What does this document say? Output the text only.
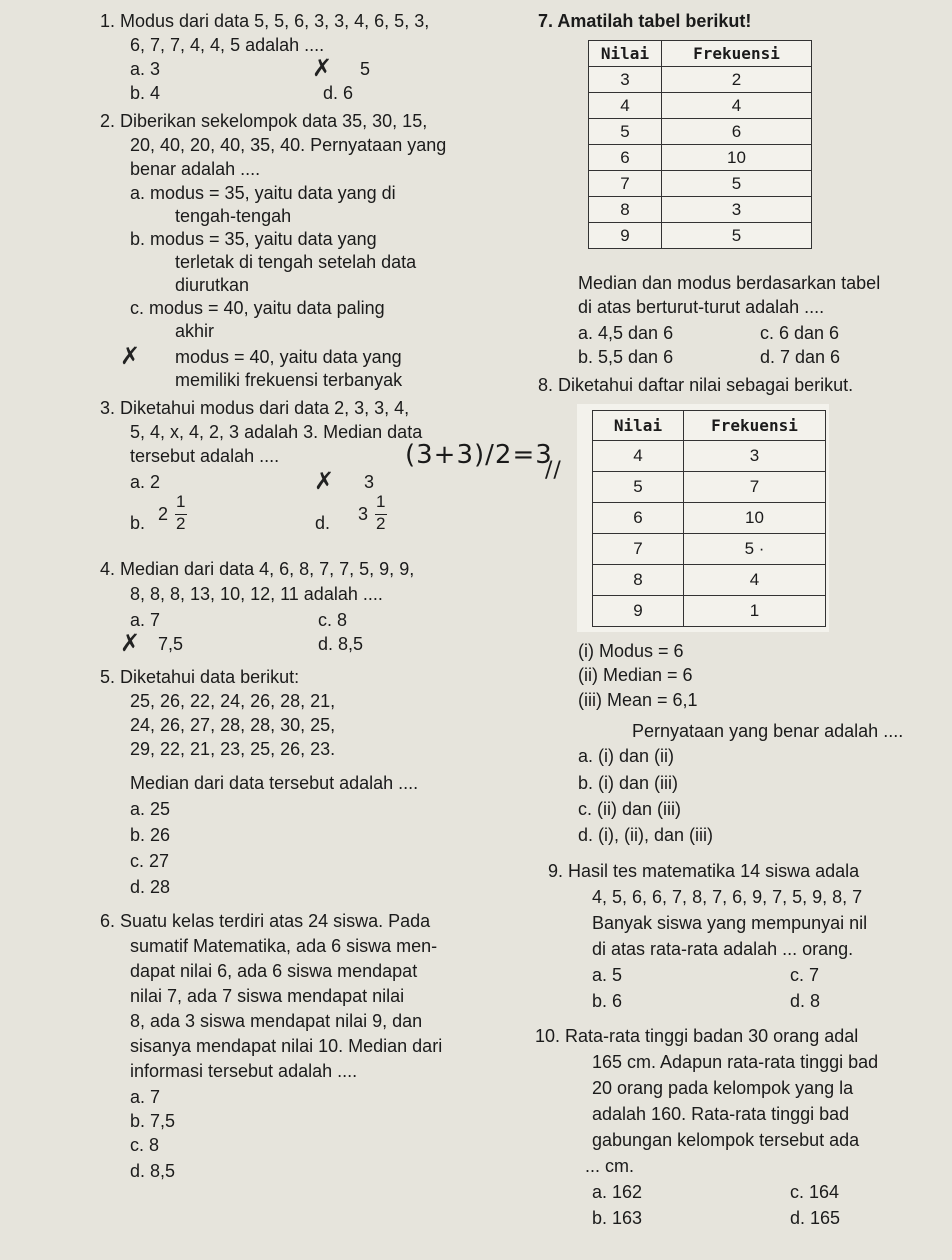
1. Modus dari data 5, 5, 6, 3, 3, 4, 6, 5, 3,
6, 7, 7, 4, 4, 5 adalah ....
a. 3	✗ 5
b. 4	d. 6
2. Diberikan sekelompok data 35, 30, 15,
20, 40, 20, 40, 35, 40. Pernyataan yang
benar adalah ....
a. modus = 35, yaitu data yang di
tengah-tengah
b. modus = 35, yaitu data yang
terletak di tengah setelah data
diurutkan
c. modus = 40, yaitu data paling
akhir
✗ modus = 40, yaitu data yang
memiliki frekuensi terbanyak
3. Diketahui modus dari data 2, 3, 3, 4,
5, 4, x, 4, 2, 3 adalah 3. Median data
tersebut adalah ....
a. 2	✗ 3
(3+3)/2=3
//
b. 2
1
2	d. 3
1
2
4. Median dari data 4, 6, 8, 7, 7, 5, 9, 9,
8, 8, 8, 13, 10, 12, 11 adalah ....
a. 7	c. 8
✗ 7,5	d. 8,5
5. Diketahui data berikut:
25, 26, 22, 24, 26, 28, 21,
24, 26, 27, 28, 28, 30, 25,
29, 22, 21, 23, 25, 26, 23.
Median dari data tersebut adalah ....
a. 25
b. 26
c. 27
d. 28
6. Suatu kelas terdiri atas 24 siswa. Pada
sumatif Matematika, ada 6 siswa men-
dapat nilai 6, ada 6 siswa mendapat
nilai 7, ada 7 siswa mendapat nilai
8, ada 3 siswa mendapat nilai 9, dan
sisanya mendapat nilai 10. Median dari
informasi tersebut adalah ....
a. 7
b. 7,5
c. 8
d. 8,5
7. Amatilah tabel berikut!
Nilai	Frekuensi
3	2
4	4
5	6
6	10
7	5
8	3
9	5
Median dan modus berdasarkan tabel
di atas berturut-turut adalah ....
a. 4,5 dan 6	c. 6 dan 6
b. 5,5 dan 6	d. 7 dan 6
8. Diketahui daftar nilai sebagai berikut.
Nilai	Frekuensi
4	3
5	7
6	10
7	5 ·
8	4
9	1
(i) Modus = 6
(ii) Median = 6
(iii) Mean = 6,1
Pernyataan yang benar adalah ....
a. (i) dan (ii)
b. (i) dan (iii)
c. (ii) dan (iii)
d. (i), (ii), dan (iii)
9. Hasil tes matematika 14 siswa adala
4, 5, 6, 6, 7, 8, 7, 6, 9, 7, 5, 9, 8, 7
Banyak siswa yang mempunyai nil
di atas rata-rata adalah ... orang.
a. 5	c. 7
b. 6	d. 8
10. Rata-rata tinggi badan 30 orang adal
165 cm. Adapun rata-rata tinggi bad
20 orang pada kelompok yang la
adalah 160. Rata-rata tinggi bad
gabungan kelompok tersebut ada
... cm.
a. 162	c. 164
b. 163	d. 165
